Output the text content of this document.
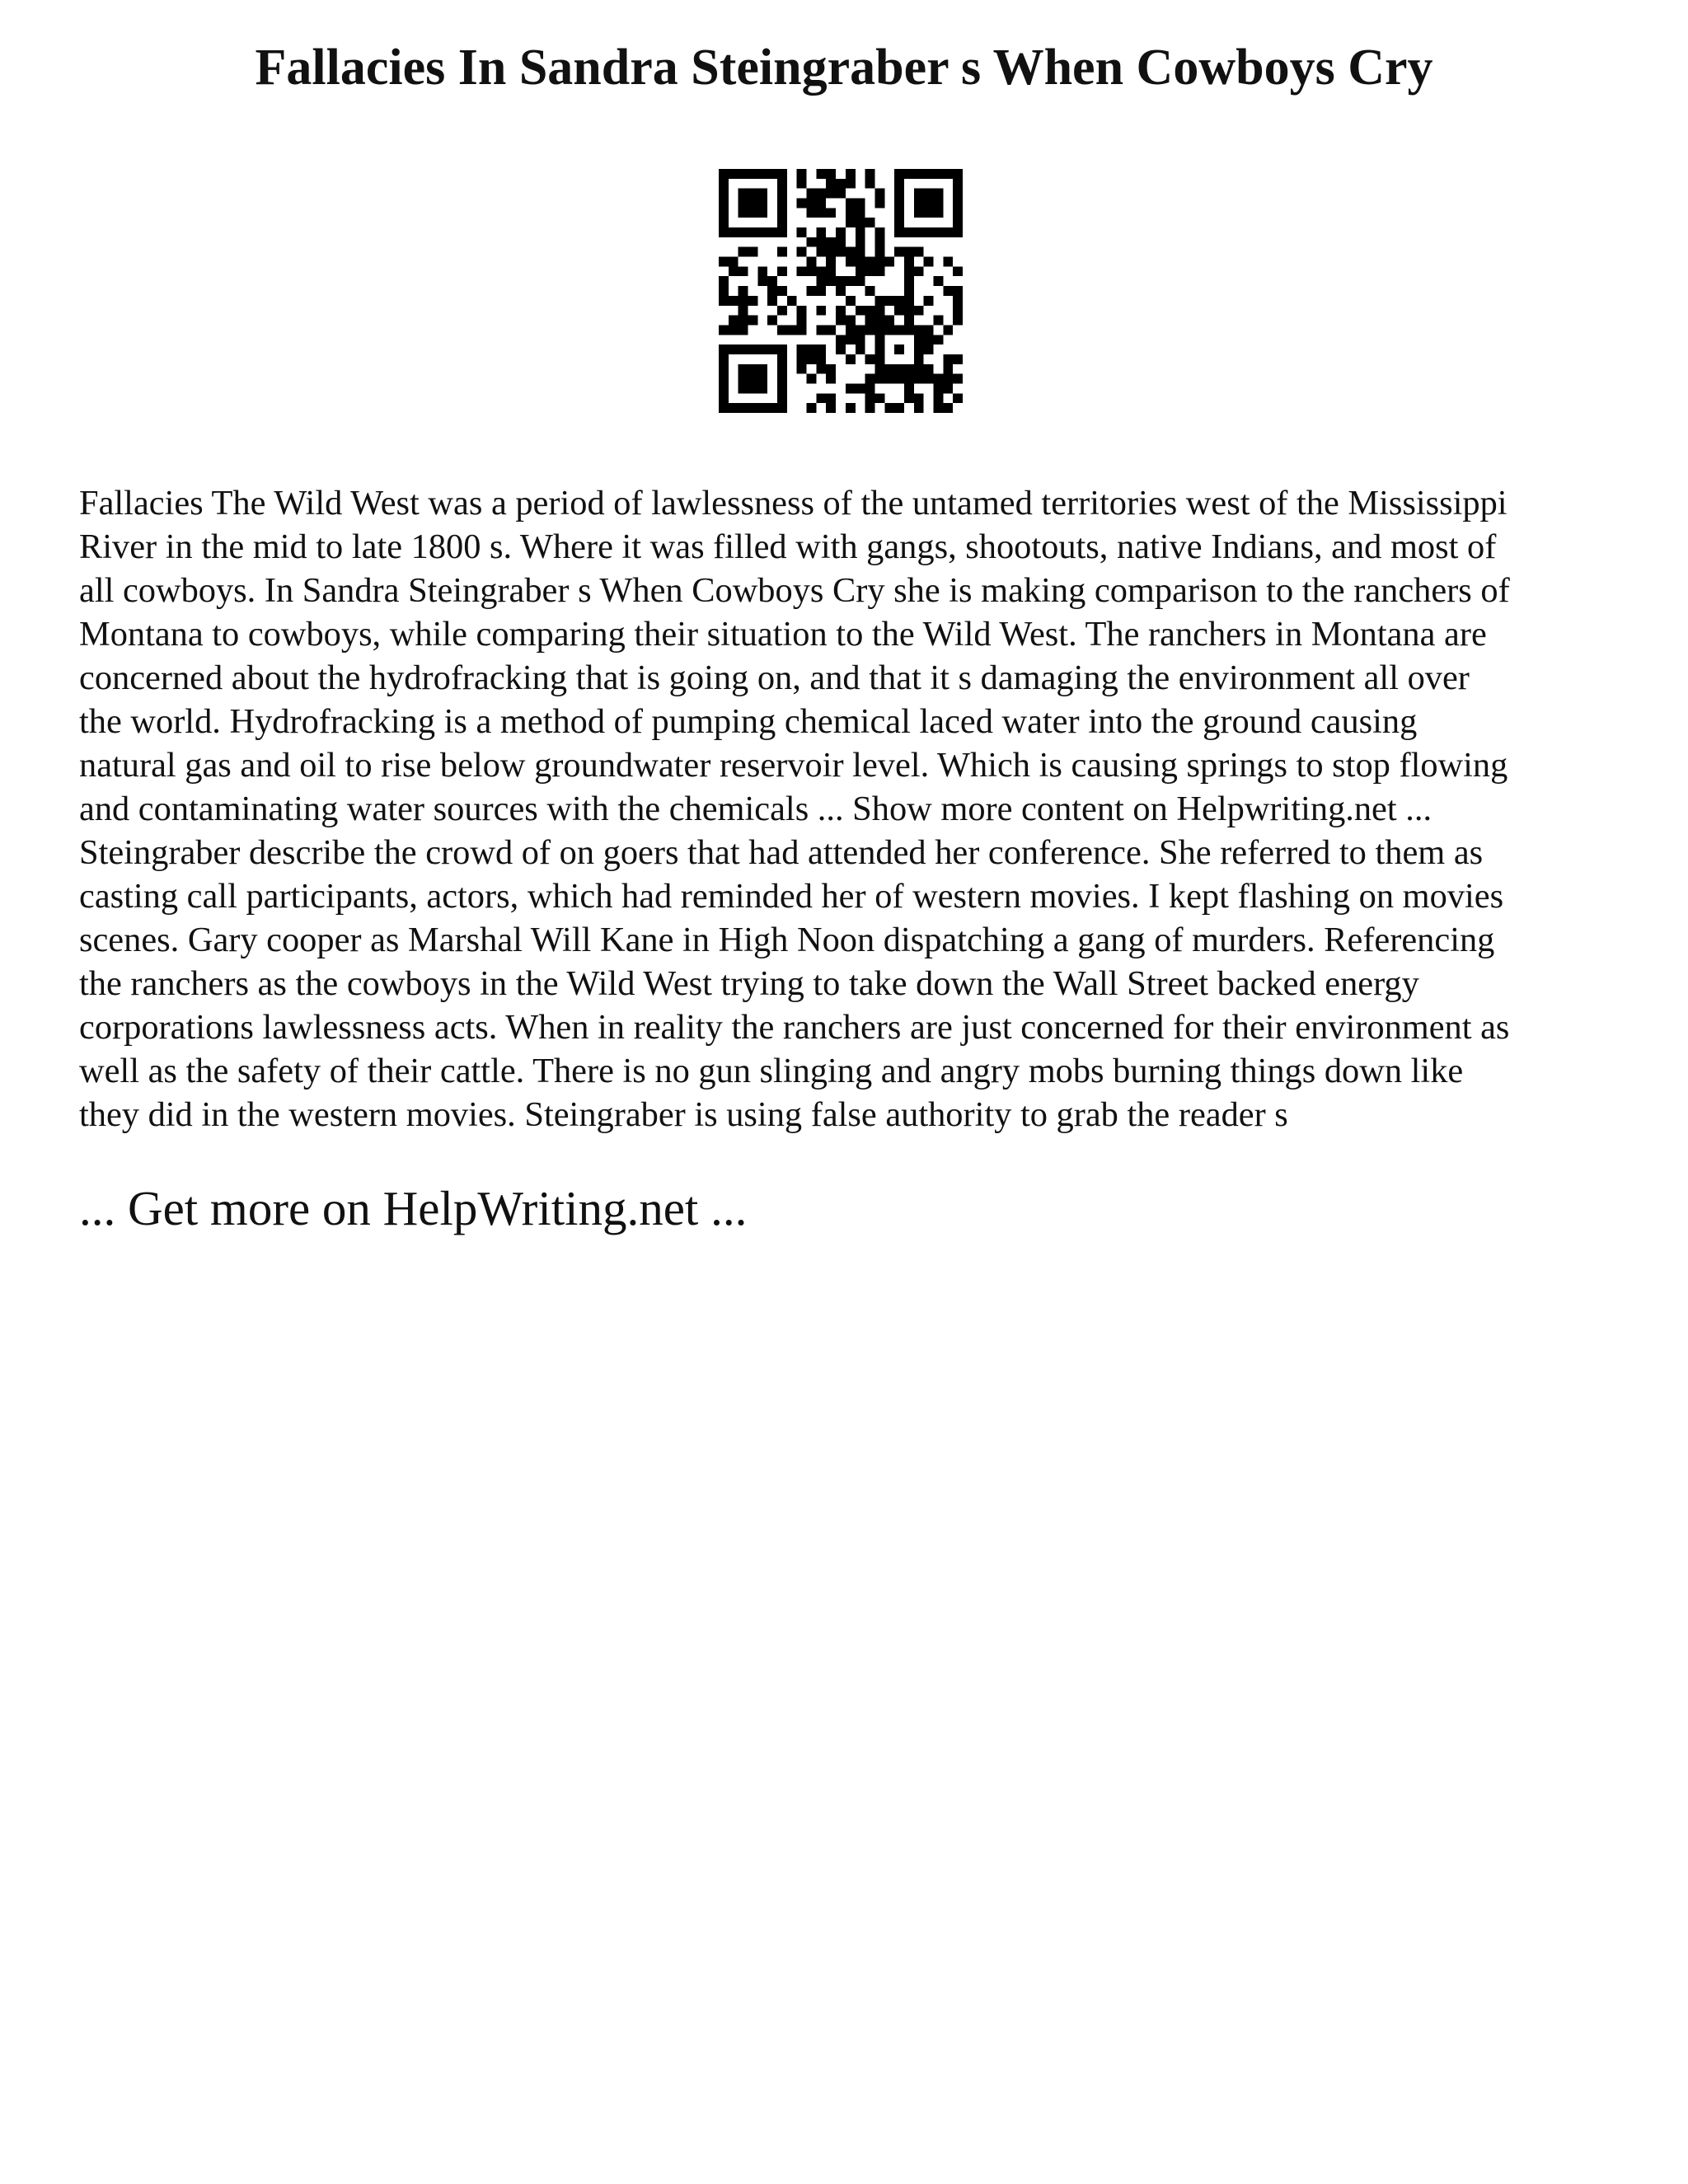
Fallacies In Sandra Steingraber s When Cowboys Cry
Fallacies The Wild West was a period of lawlessness of the untamed territories west of the Mississippi
River in the mid to late 1800 s. Where it was filled with gangs, shootouts, native Indians, and most of
all cowboys. In Sandra Steingraber s When Cowboys Cry she is making comparison to the ranchers of
Montana to cowboys, while comparing their situation to the Wild West. The ranchers in Montana are
concerned about the hydrofracking that is going on, and that it s damaging the environment all over
the world. Hydrofracking is a method of pumping chemical laced water into the ground causing
natural gas and oil to rise below groundwater reservoir level. Which is causing springs to stop flowing
and contaminating water sources with the chemicals ... Show more content on Helpwriting.net ...
Steingraber describe the crowd of on goers that had attended her conference. She referred to them as
casting call participants, actors, which had reminded her of western movies. I kept flashing on movies
scenes. Gary cooper as Marshal Will Kane in High Noon dispatching a gang of murders. Referencing
the ranchers as the cowboys in the Wild West trying to take down the Wall Street backed energy
corporations lawlessness acts. When in reality the ranchers are just concerned for their environment as
well as the safety of their cattle. There is no gun slinging and angry mobs burning things down like
they did in the western movies. Steingraber is using false authority to grab the reader s

... Get more on HelpWriting.net ...
